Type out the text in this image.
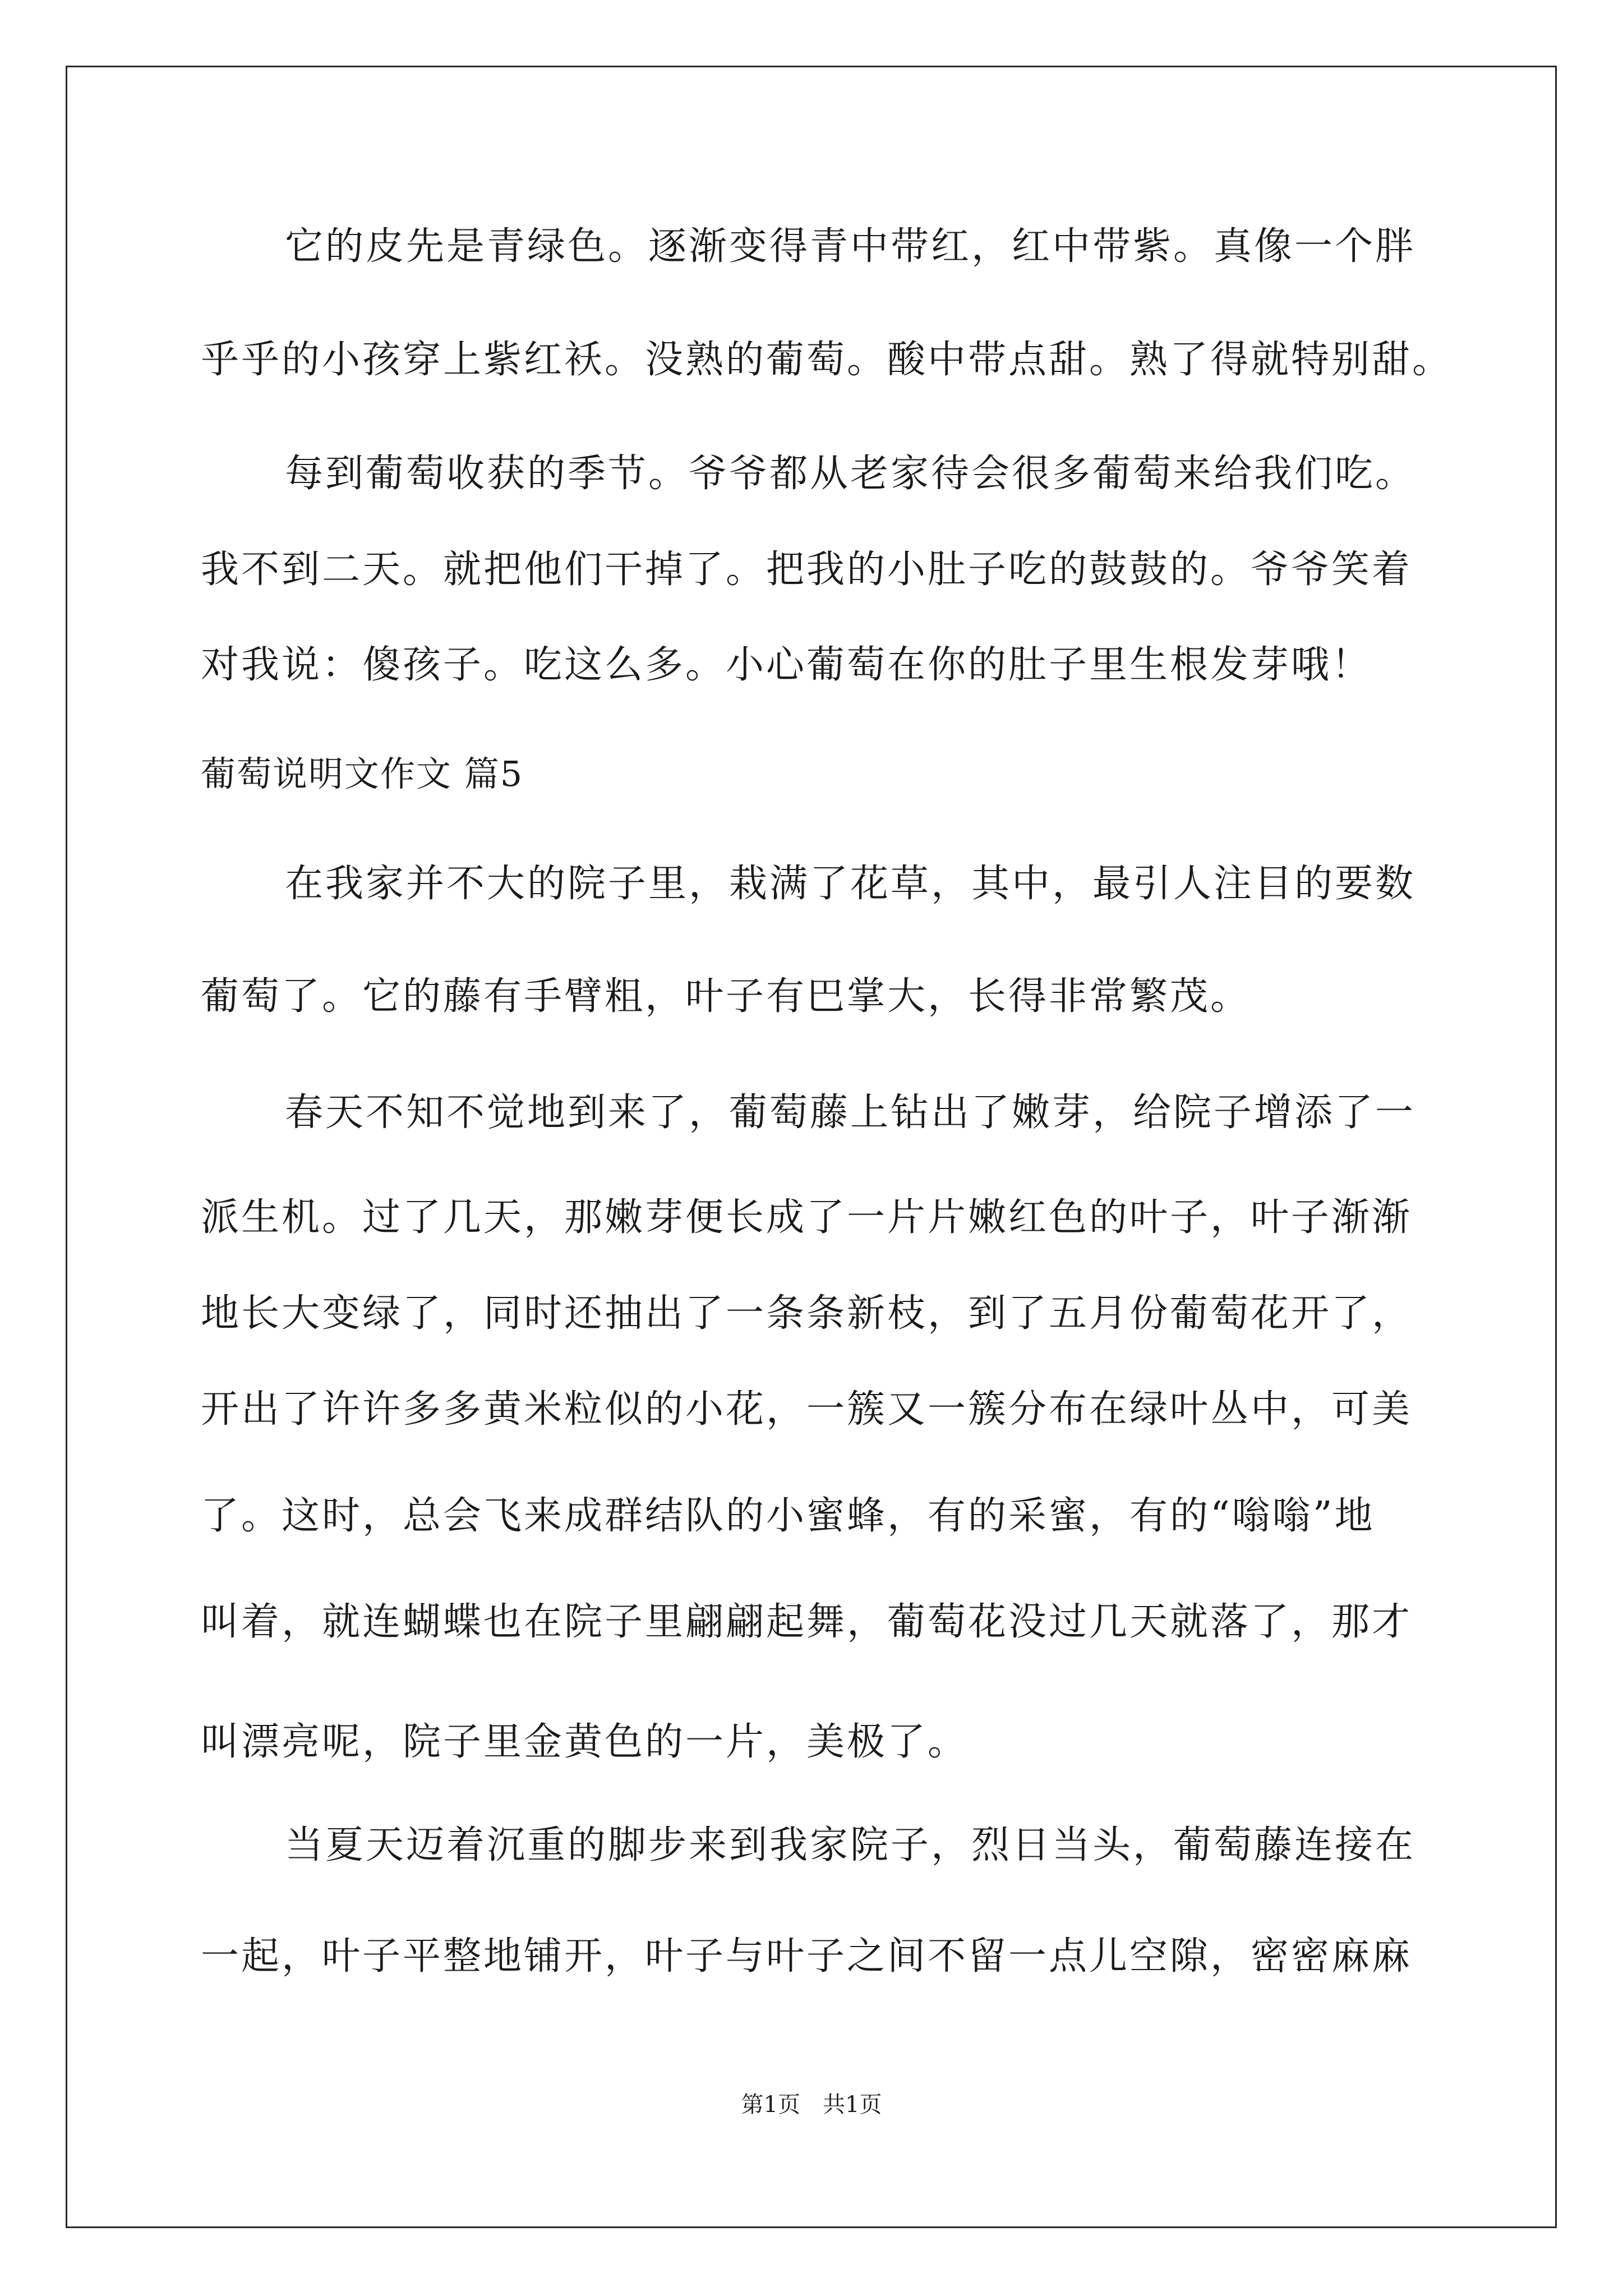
它的皮先是青绿色。逐渐变得青中带红，红中带紫。真像一个胖
乎乎的小孩穿上紫红袄。没熟的葡萄。酸中带点甜。熟了得就特别甜。
每到葡萄收获的季节。爷爷都从老家待会很多葡萄来给我们吃。
我不到二天。就把他们干掉了。把我的小肚子吃的鼓鼓的。爷爷笑着
对我说：傻孩子。吃这么多。小心葡萄在你的肚子里生根发芽哦！
葡萄说明文作文 篇5
在我家并不大的院子里，栽满了花草，其中，最引人注目的要数
葡萄了。它的藤有手臂粗，叶子有巴掌大，长得非常繁茂。
春天不知不觉地到来了，葡萄藤上钻出了嫩芽，给院子增添了一
派生机。过了几天，那嫩芽便长成了一片片嫩红色的叶子，叶子渐渐
地长大变绿了，同时还抽出了一条条新枝，到了五月份葡萄花开了，
开出了许许多多黄米粒似的小花，一簇又一簇分布在绿叶丛中，可美
了。这时，总会飞来成群结队的小蜜蜂，有的采蜜，有的“嗡嗡”地
叫着，就连蝴蝶也在院子里翩翩起舞，葡萄花没过几天就落了，那才
叫漂亮呢，院子里金黄色的一片，美极了。
当夏天迈着沉重的脚步来到我家院子，烈日当头，葡萄藤连接在
一起，叶子平整地铺开，叶子与叶子之间不留一点儿空隙，密密麻麻
第1页　共1页
